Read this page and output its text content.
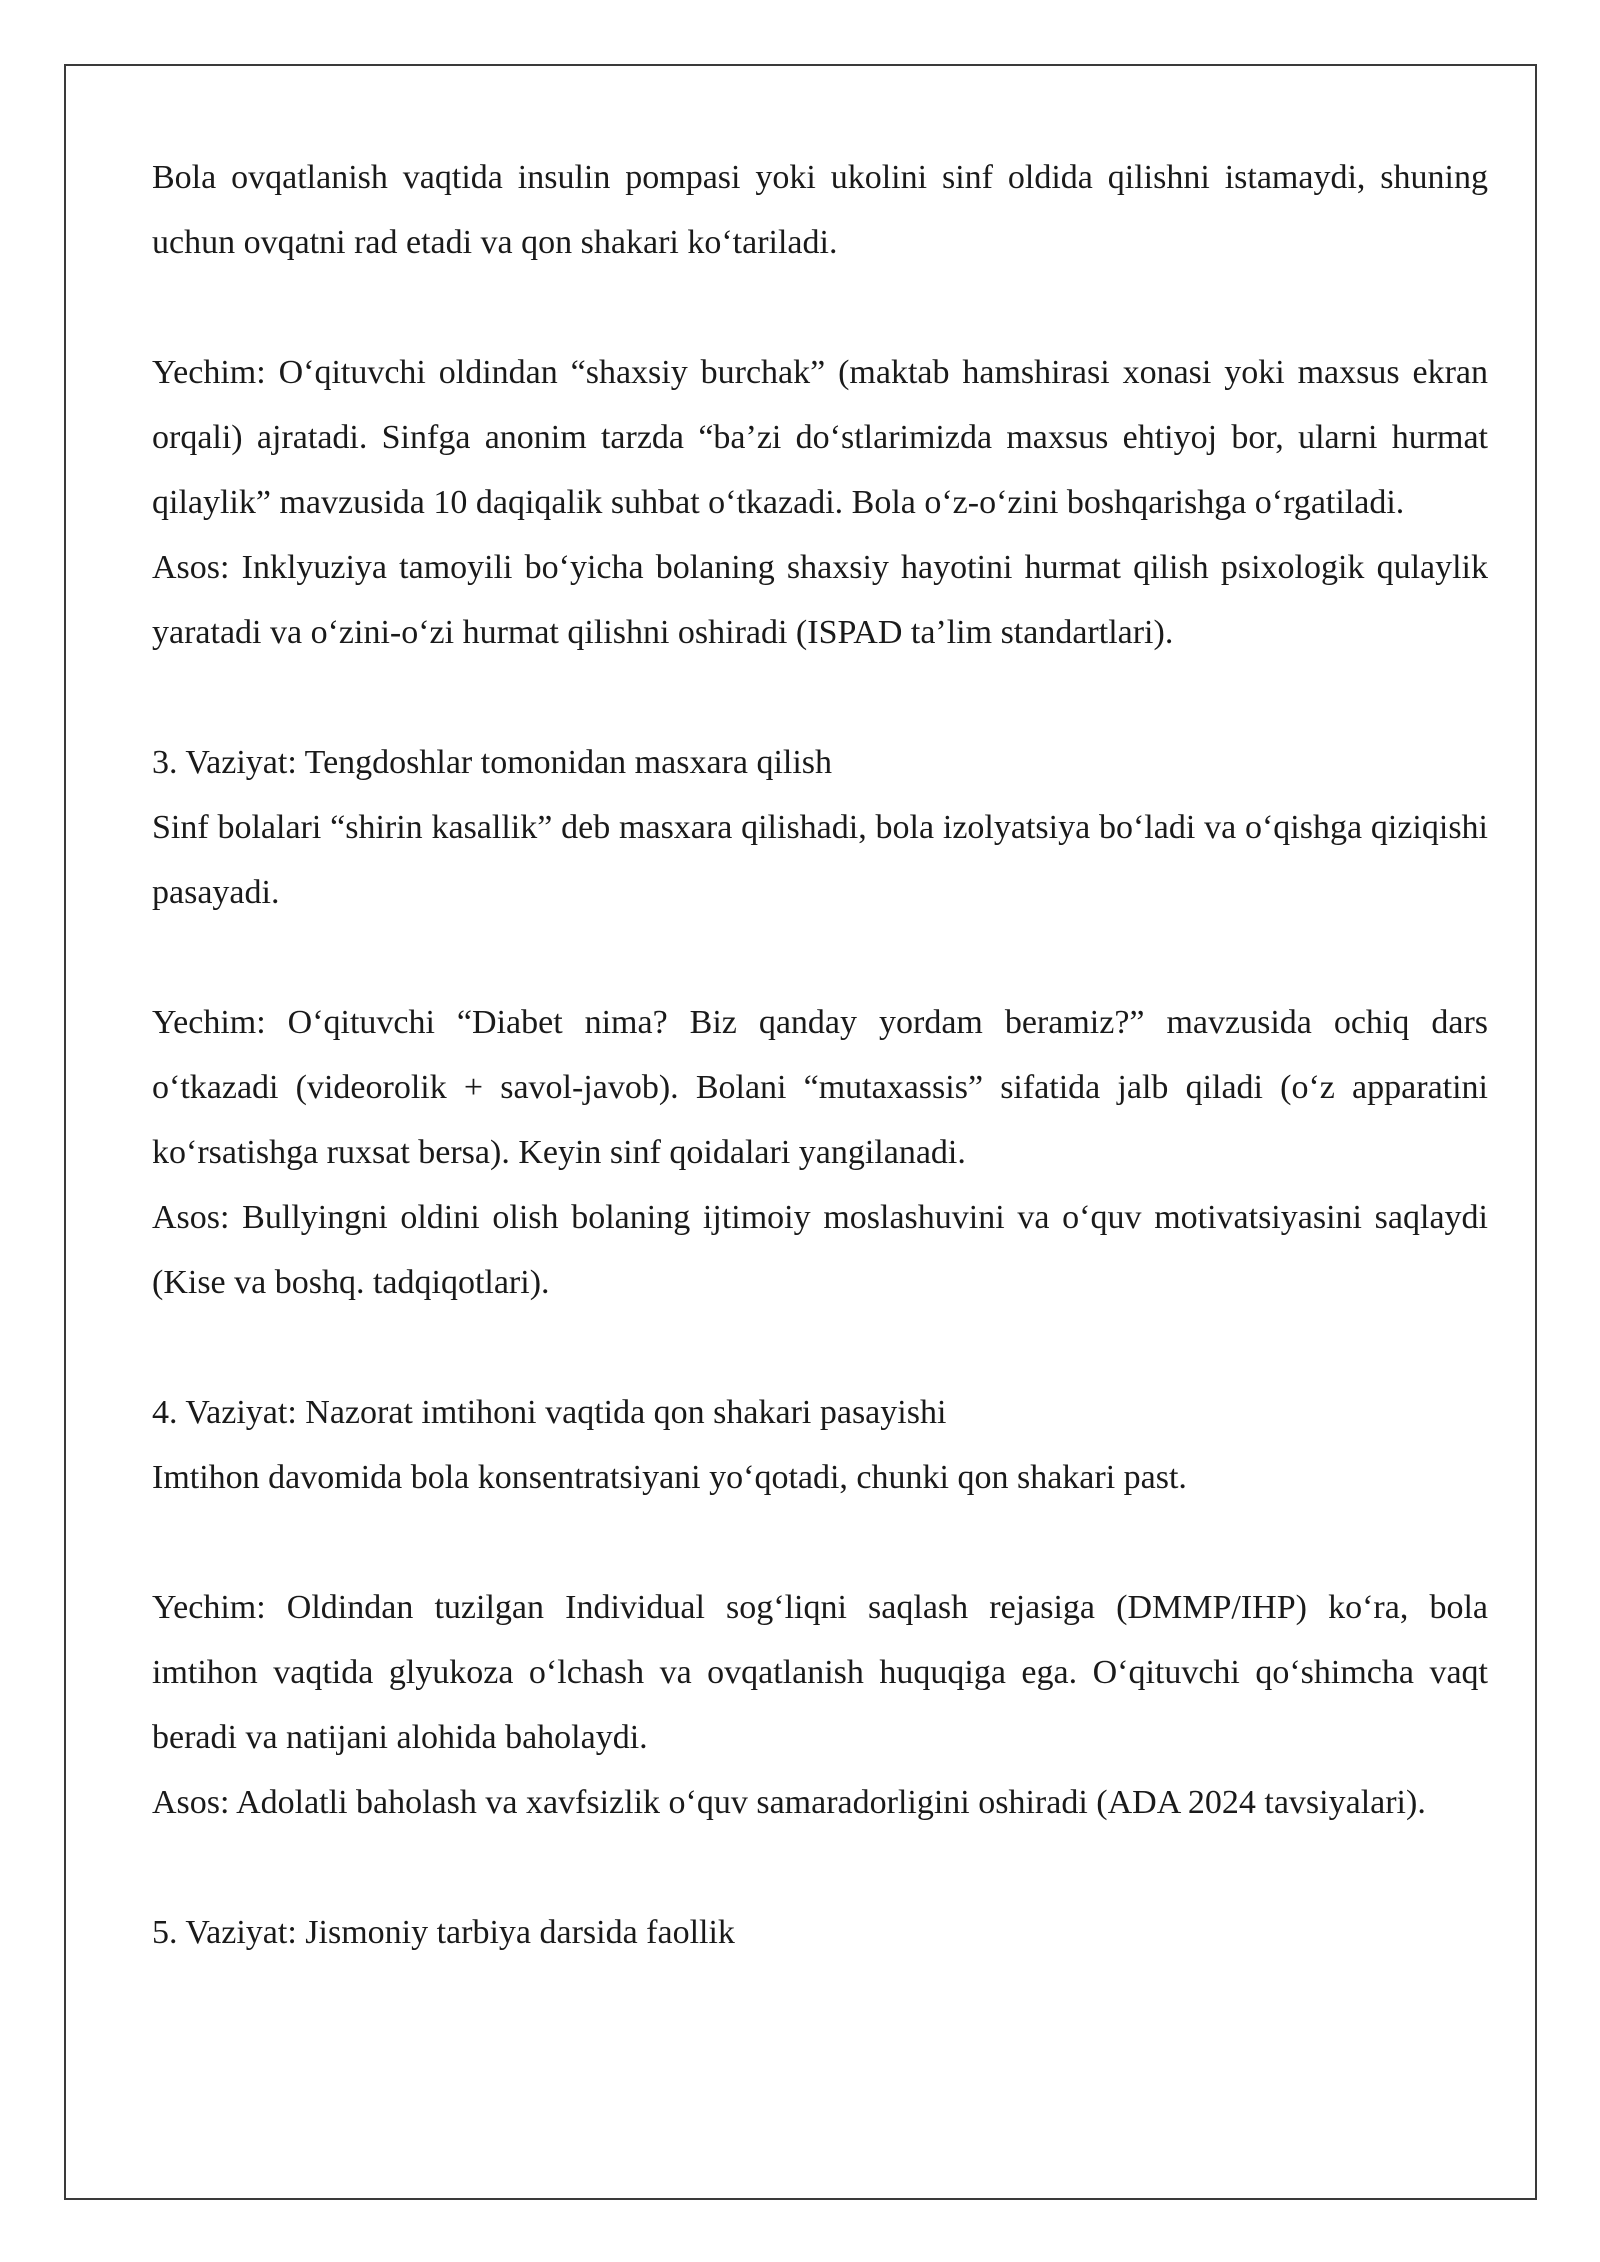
Bola ovqatlanish vaqtida insulin pompasi yoki ukolini sinf oldida qilishni istamaydi, shuning uchun ovqatni rad etadi va qon shakari ko‘tariladi.

Yechim: O‘qituvchi oldindan “shaxsiy burchak” (maktab hamshirasi xonasi yoki maxsus ekran orqali) ajratadi. Sinfga anonim tarzda “ba’zi do‘stlarimizda maxsus ehtiyoj bor, ularni hurmat qilaylik” mavzusida 10 daqiqalik suhbat o‘tkazadi. Bola o‘z-o‘zini boshqarishga o‘rgatiladi.

Asos: Inklyuziya tamoyili bo‘yicha bolaning shaxsiy hayotini hurmat qilish psixologik qulaylik yaratadi va o‘zini-o‘zi hurmat qilishni oshiradi (ISPAD ta’lim standartlari).

3. Vaziyat: Tengdoshlar tomonidan masxara qilish

Sinf bolalari “shirin kasallik” deb masxara qilishadi, bola izolyatsiya bo‘ladi va o‘qishga qiziqishi pasayadi.

Yechim: O‘qituvchi “Diabet nima? Biz qanday yordam beramiz?” mavzusida ochiq dars o‘tkazadi (videorolik + savol-javob). Bolani “mutaxassis” sifatida jalb qiladi (o‘z apparatini ko‘rsatishga ruxsat bersa). Keyin sinf qoidalari yangilanadi.

Asos: Bullyingni oldini olish bolaning ijtimoiy moslashuvini va o‘quv motivatsiyasini saqlaydi (Kise va boshq. tadqiqotlari).

4. Vaziyat: Nazorat imtihoni vaqtida qon shakari pasayishi

Imtihon davomida bola konsentratsiyani yo‘qotadi, chunki qon shakari past.

Yechim: Oldindan tuzilgan Individual sog‘liqni saqlash rejasiga (DMMP/IHP) ko‘ra, bola imtihon vaqtida glyukoza o‘lchash va ovqatlanish huquqiga ega. O‘qituvchi qo‘shimcha vaqt beradi va natijani alohida baholaydi.

Asos: Adolatli baholash va xavfsizlik o‘quv samaradorligini oshiradi (ADA 2024 tavsiyalari).

5. Vaziyat: Jismoniy tarbiya darsida faollik
